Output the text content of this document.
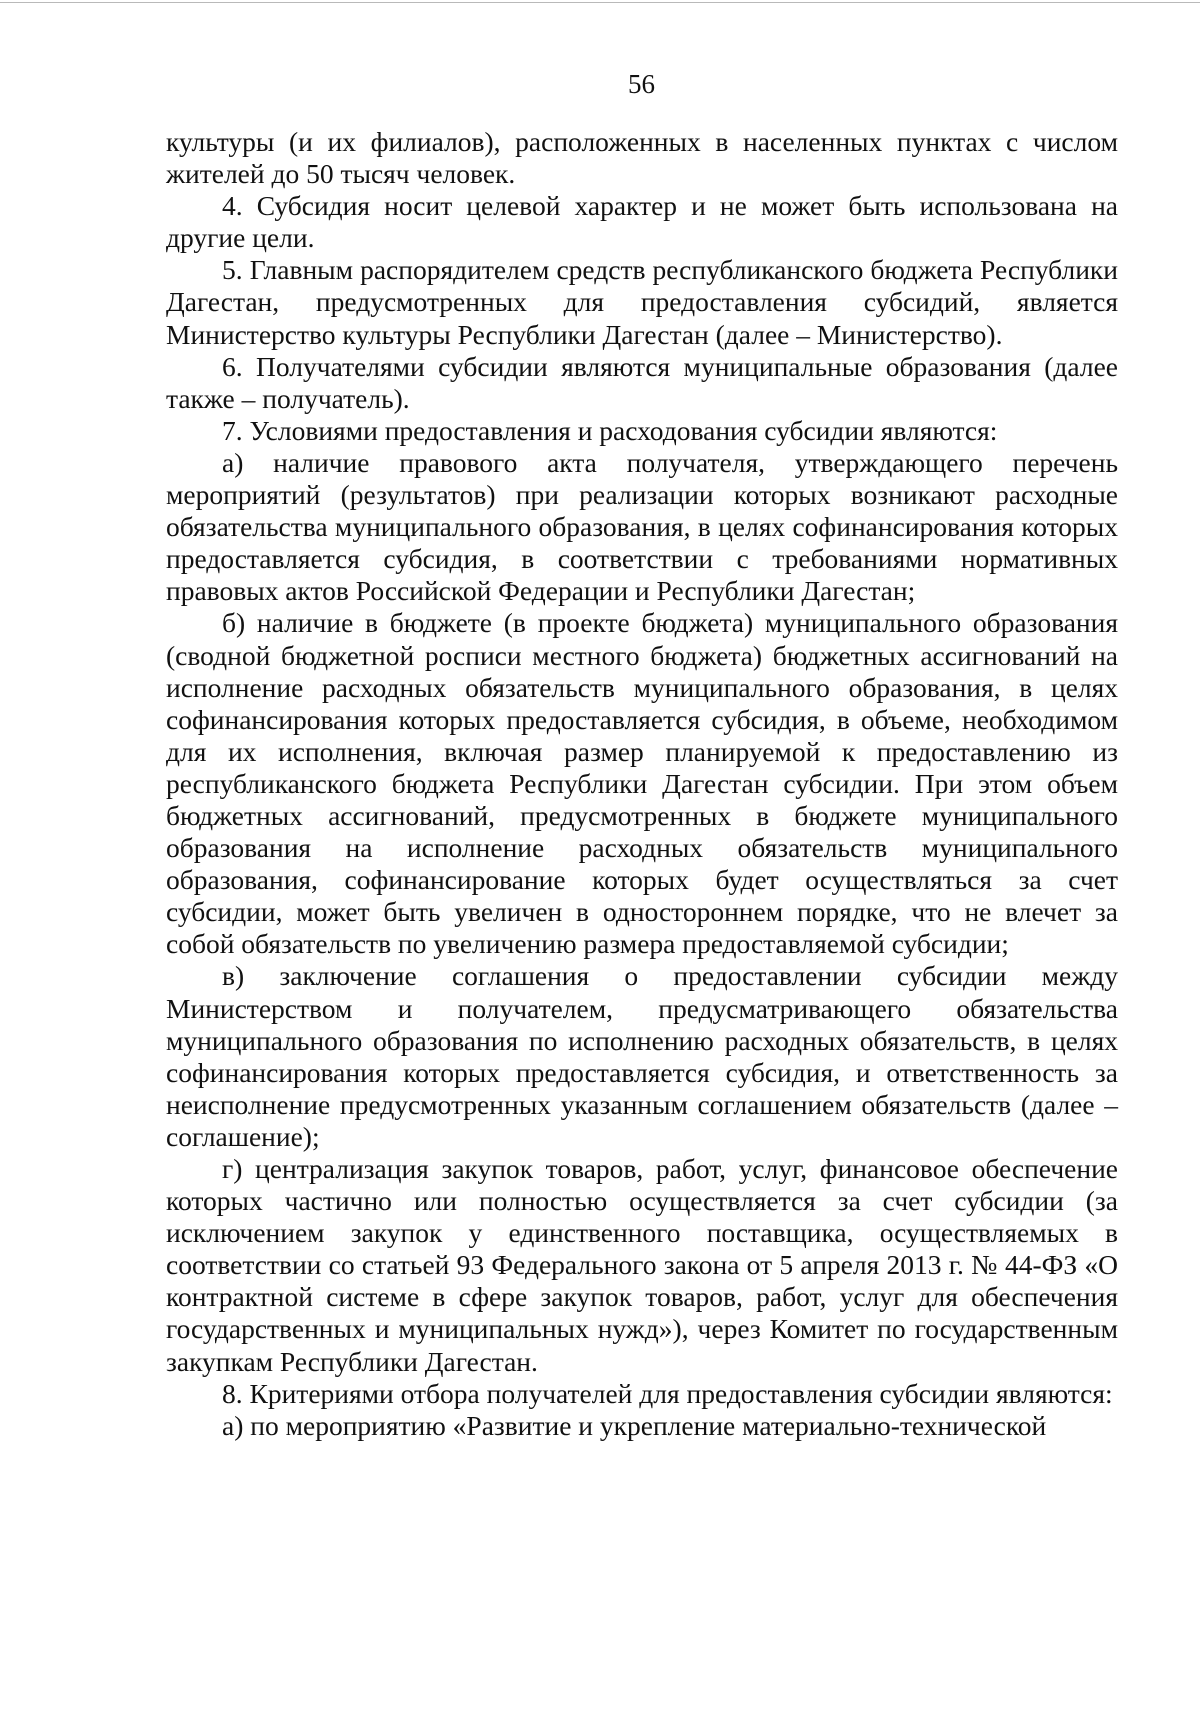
56

культуры (и их филиалов), расположенных в населенных пунктах с числом жителей до 50 тысяч человек.

4. Субсидия носит целевой характер и не может быть использована на другие цели.

5. Главным распорядителем средств республиканского бюджета Республики Дагестан, предусмотренных для предоставления субсидий, является Министерство культуры Республики Дагестан (далее – Министерство).

6. Получателями субсидии являются муниципальные образования (далее также – получатель).

7. Условиями предоставления и расходования субсидии являются:

а) наличие правового акта получателя, утверждающего перечень мероприятий (результатов) при реализации которых возникают расходные обязательства муниципального образования, в целях софинансирования которых предоставляется субсидия, в соответствии с требованиями нормативных правовых актов Российской Федерации и Республики Дагестан;

б) наличие в бюджете (в проекте бюджета) муниципального образования (сводной бюджетной росписи местного бюджета) бюджетных ассигнований на исполнение расходных обязательств муниципального образования, в целях софинансирования которых предоставляется субсидия, в объеме, необходимом для их исполнения, включая размер планируемой к предоставлению из республиканского бюджета Республики Дагестан субсидии. При этом объем бюджетных ассигнований, предусмотренных в бюджете муниципального образования на исполнение расходных обязательств муниципального образования, софинансирование которых будет осуществляться за счет субсидии, может быть увеличен в одностороннем порядке, что не влечет за собой обязательств по увеличению размера предоставляемой субсидии;

в) заключение соглашения о предоставлении субсидии между Министерством и получателем, предусматривающего обязательства муниципального образования по исполнению расходных обязательств, в целях софинансирования которых предоставляется субсидия, и ответственность за неисполнение предусмотренных указанным соглашением обязательств (далее – соглашение);

г) централизация закупок товаров, работ, услуг, финансовое обеспечение которых частично или полностью осуществляется за счет субсидии (за исключением закупок у единственного поставщика, осуществляемых в соответствии со статьей 93 Федерального закона от 5 апреля 2013 г. № 44-ФЗ «О контрактной системе в сфере закупок товаров, работ, услуг для обеспечения государственных и муниципальных нужд»), через Комитет по государственным закупкам Республики Дагестан.

8. Критериями отбора получателей для предоставления субсидии являются:

а) по мероприятию «Развитие и укрепление материально-технической
